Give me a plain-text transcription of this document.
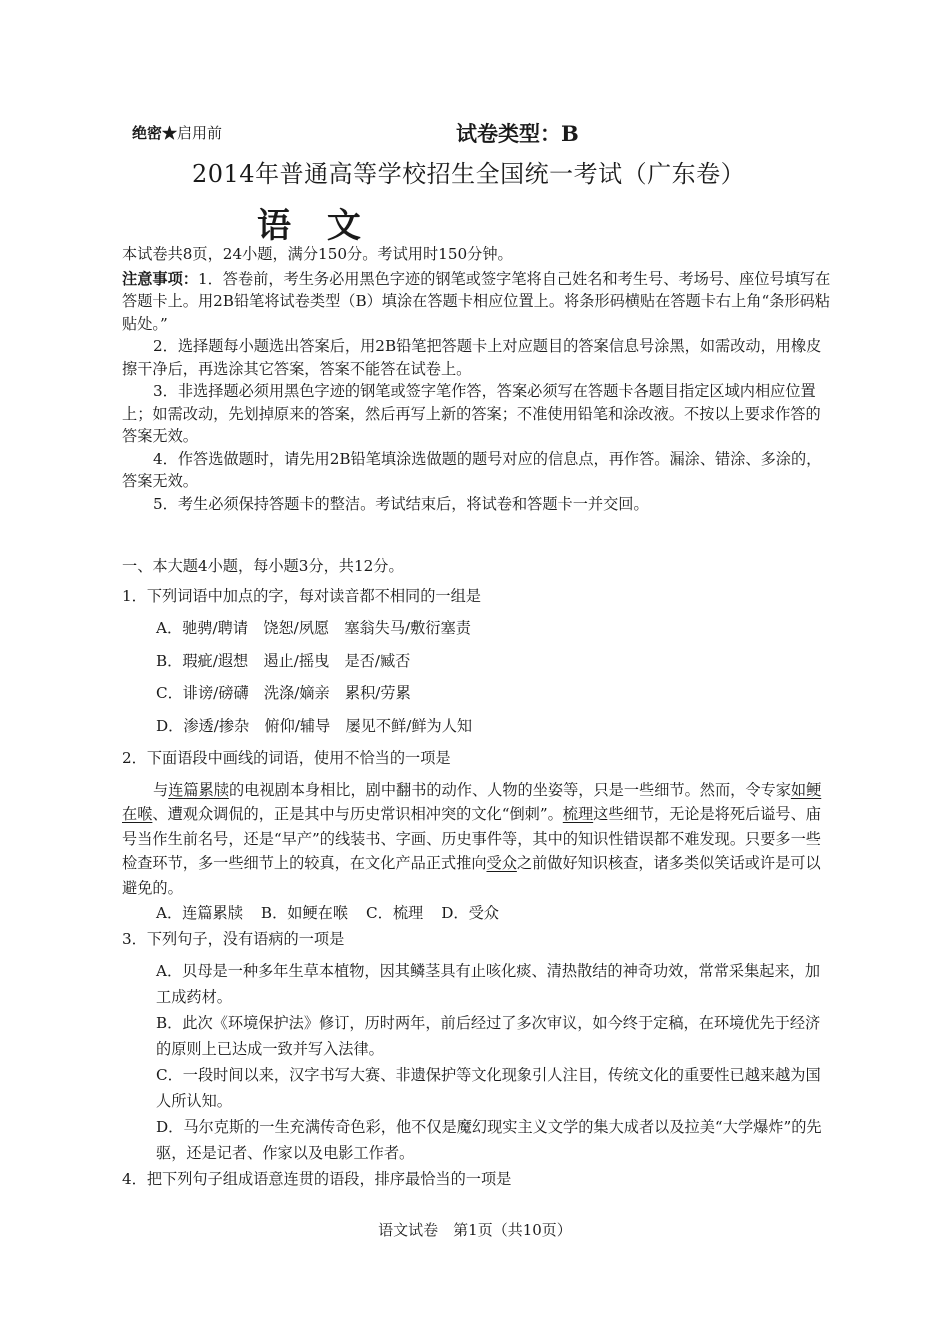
绝密★启用前	试卷类型：B
2014年普通高等学校招生全国统一考试（广东卷）
语 文

本试卷共8页，24小题，满分150分。考试用时150分钟。

注意事项：1．答卷前，考生务必用黑色字迹的钢笔或签字笔将自己姓名和考生号、考场号、座位号填写在答题卡上。用2B铅笔将试卷类型（B）填涂在答题卡相应位置上。将条形码横贴在答题卡右上角“条形码粘贴处。”

2．选择题每小题选出答案后，用2B铅笔把答题卡上对应题目的答案信息号涂黑，如需改动，用橡皮擦干净后，再选涂其它答案，答案不能答在试卷上。

3．非选择题必须用黑色字迹的钢笔或签字笔作答，答案必须写在答题卡各题目指定区域内相应位置上；如需改动，先划掉原来的答案，然后再写上新的答案；不准使用铅笔和涂改液。不按以上要求作答的答案无效。

4．作答选做题时，请先用2B铅笔填涂选做题的题号对应的信息点，再作答。漏涂、错涂、多涂的，答案无效。

5．考生必须保持答题卡的整洁。考试结束后，将试卷和答题卡一并交回。

一、本大题4小题，每小题3分，共12分。

1．下列词语中加点的字，每对读音都不相同的一组是

A．驰骋/聘请　饶恕/夙愿　塞翁失马/敷衍塞责

B．瑕疵/遐想　遏止/摇曳　是否/臧否

C．诽谤/磅礴　洗涤/嫡亲　累积/劳累

D．渗透/掺杂　俯仰/辅导　屡见不鲜/鲜为人知

2．下面语段中画线的词语，使用不恰当的一项是

与连篇累牍的电视剧本身相比，剧中翻书的动作、人物的坐姿等，只是一些细节。然而，令专家如鲠在喉、遭观众调侃的，正是其中与历史常识相冲突的文化“倒刺”。梳理这些细节，无论是将死后谥号、庙号当作生前名号，还是“早产”的线装书、字画、历史事件等，其中的知识性错误都不难发现。只要多一些检查环节，多一些细节上的较真，在文化产品正式推向受众之前做好知识核查，诸多类似笑话或许是可以避免的。

A．连篇累牍 B．如鲠在喉 C．梳理 D．受众

3．下列句子，没有语病的一项是

A．贝母是一种多年生草本植物，因其鳞茎具有止咳化痰、清热散结的神奇功效，常常采集起来，加工成药材。

B．此次《环境保护法》修订，历时两年，前后经过了多次审议，如今终于定稿，在环境优先于经济的原则上已达成一致并写入法律。

C．一段时间以来，汉字书写大赛、非遗保护等文化现象引人注目，传统文化的重要性已越来越为国人所认知。

D．马尔克斯的一生充满传奇色彩，他不仅是魔幻现实主义文学的集大成者以及拉美“大学爆炸”的先驱，还是记者、作家以及电影工作者。

4．把下列句子组成语意连贯的语段，排序最恰当的一项是

语文试卷　第1页（共10页）
